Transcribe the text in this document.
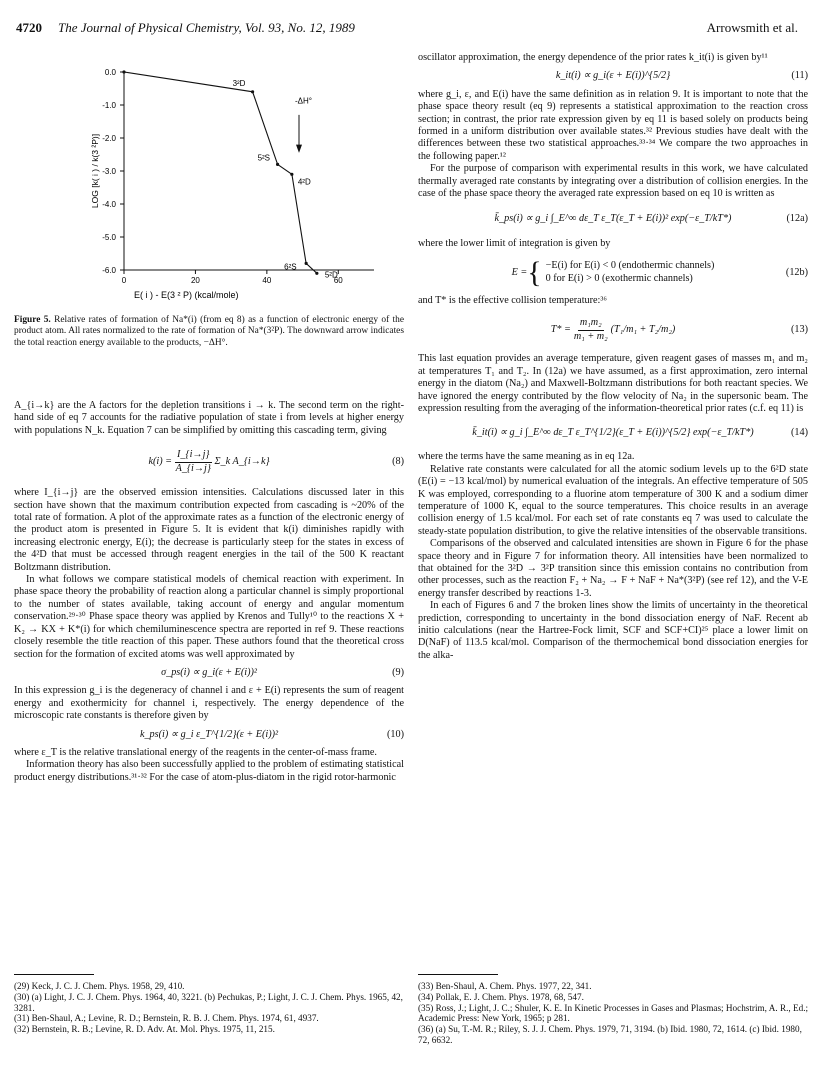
4720 The Journal of Physical Chemistry, Vol. 93, No. 12, 1989	Arrowsmith et al.
0.0
-1.0
-2.0
-3.0
-4.0
-5.0
-6.0
0	20	40	60
E( i ) - E(3 ² P) (kcal/mole)
LOG [k( i ) / k(3 ²P)]
3²D
5²S
4²D
6²S
5²D
-ΔH°
Figure 5. Relative rates of formation of Na*(i) (from eq 8) as a function of electronic energy of the product atom. All rates normalized to the rate of formation of Na*(3²P). The downward arrow indicates the total reaction energy available to the products, −ΔH°.

A_{i→k} are the A factors for the depletion transitions i → k. The second term on the right-hand side of eq 7 accounts for the radiative population of state i from levels at higher energy with populations N_k. Equation 7 can be simplified by omitting this cascading term, giving

$k(i) = \frac{I\_\{i\to j\}}{A\_\{i\to j\}}$ Σ_k A_{i→k}	(8)

where I_{i→j} are the observed emission intensities. Calculations discussed later in this section have shown that the maximum contribution expected from cascading is ~20% of the total rate of formation. A plot of the approximate rates as a function of the electronic energy of the product atom is presented in Figure 5. It is evident that k(i) diminishes rapidly with increasing electronic energy, E(i); the decrease is particularly steep for the states in excess of the 4²D that must be accessed through reagent energies in the tail of the 500 K reactant Boltzmann distribution.

In what follows we compare statistical models of chemical reaction with experiment. In phase space theory the probability of reaction along a particular channel is simply proportional to the number of states available, taking account of energy and angular momentum conservation.²⁹·³⁰ Phase space theory was applied by Krenos and Tully¹⁰ to the reactions X + K₂ → KX + K*(i) for which chemiluminescence spectra are reported in ref 9. These reactions closely resemble the title reaction of this paper. These authors found that the theoretical cross section for the formation of excited atoms was well approximated by

σ_ps(i) ∝ g_i(ε + E(i))²	(9)

In this expression g_i is the degeneracy of channel i and ε + E(i) represents the sum of reagent energy and exothermicity for channel i, respectively. The energy dependence of the microscopic rate constants is therefore given by

k_ps(i) ∝ g_i ε_T^{1/2}(ε + E(i))²	(10)

where ε_T is the relative translational energy of the reagents in the center-of-mass frame.

Information theory has also been successfully applied to the problem of estimating statistical product energy distributions.³¹·³² For the case of atom-plus-diatom in the rigid rotor-harmonic

oscillator approximation, the energy dependence of the prior rates k_it(i) is given by¹¹

k_it(i) ∝ g_i(ε + E(i))^{5/2}	(11)

where g_i, ε, and E(i) have the same definition as in relation 9. It is important to note that the phase space theory result (eq 9) represents a statistical approximation to the reaction cross section; in contrast, the prior rate expression given by eq 11 is based solely on products being formed in a uniform distribution over available states.³² Previous studies have dealt with the differences between these two statistical approaches.³³·³⁴ We compare the two approaches in the following paper.¹²

For the purpose of comparison with experimental results in this work, we have calculated thermally averaged rate constants by integrating over a distribution of collision energies. In the case of the phase space theory the averaged rate expression based on eq 10 is written as

k̄_ps(i) ∝ g_i ∫_E^∞ dε_T ε_T(ε_T + E(i))² exp(−ε_T/kT*)	(12a)

where the lower limit of integration is given by

E = { −E(i) for E(i) < 0 (endothermic channels)
0 for E(i) > 0 (exothermic channels)
(12b)

and T* is the effective collision temperature:³⁶

$T* = \frac{\text{m₁m₂}}{\text{m₁ + m₂}} (T_1/m_1 + T_2/m_2)$	(13)

This last equation provides an average temperature, given reagent gases of masses m₁ and m₂ at temperatures T₁ and T₂. In (12a) we have assumed, as a first approximation, zero internal energy in the diatom (Na₂) and Maxwell-Boltzmann distributions for both reactant species. We have ignored the energy contributed by the flow velocity of Na₂ in the supersonic beam. The expression resulting from the averaging of the information-theoretical prior rates (c.f. eq 11) is

k̄_it(i) ∝ g_i ∫_E^∞ dε_T ε_T^{1/2}(ε_T + E(i))^{5/2} exp(−ε_T/kT*)	(14)

where the terms have the same meaning as in eq 12a.

Relative rate constants were calculated for all the atomic sodium levels up to the 6²D state (E(i) = −13 kcal/mol) by numerical evaluation of the integrals. An effective temperature of 505 K was employed, corresponding to a fluorine atom temperature of 300 K and a sodium dimer temperature of 1000 K, equal to the source temperatures. This choice results in an average collision energy of 1.5 kcal/mol. For each set of rate constants eq 7 was used to calculate the steady-state population distribution, to give the relative intensities of the observable transitions.

Comparisons of the observed and calculated intensities are shown in Figure 6 for the phase space theory and in Figure 7 for information theory. All intensities have been normalized to that obtained for the 3²D → 3²P transition since this emission contains no contribution from other processes, such as the reaction F₂ + Na₂ → F + NaF + Na*(3²P) (see ref 12), and the V-E energy transfer described by reactions 1-3.

In each of Figures 6 and 7 the broken lines show the limits of uncertainty in the theoretical prediction, corresponding to uncertainty in the bond dissociation energy of NaF. Recent ab initio calculations (near the Hartree-Fock limit, SCF and SCF+CI)²⁵ place a lower limit on D(NaF) of 113.5 kcal/mol. Comparison of the thermochemical bond dissociation energies for the alka-

(29) Keck, J. C. J. Chem. Phys. 1958, 29, 410.
(30) (a) Light, J. C. J. Chem. Phys. 1964, 40, 3221. (b) Pechukas, P.; Light, J. C. J. Chem. Phys. 1965, 42, 3281.
(31) Ben-Shaul, A.; Levine, R. D.; Bernstein, R. B. J. Chem. Phys. 1974, 61, 4937.
(32) Bernstein, R. B.; Levine, R. D. Adv. At. Mol. Phys. 1975, 11, 215.
(33) Ben-Shaul, A. Chem. Phys. 1977, 22, 341.
(34) Pollak, E. J. Chem. Phys. 1978, 68, 547.
(35) Ross, J.; Light, J. C.; Shuler, K. E. In Kinetic Processes in Gases and Plasmas; Hochstrim, A. R., Ed.; Academic Press: New York, 1965; p 281.
(36) (a) Su, T.-M. R.; Riley, S. J. J. Chem. Phys. 1979, 71, 3194. (b) Ibid. 1980, 72, 1614. (c) Ibid. 1980, 72, 6632.
